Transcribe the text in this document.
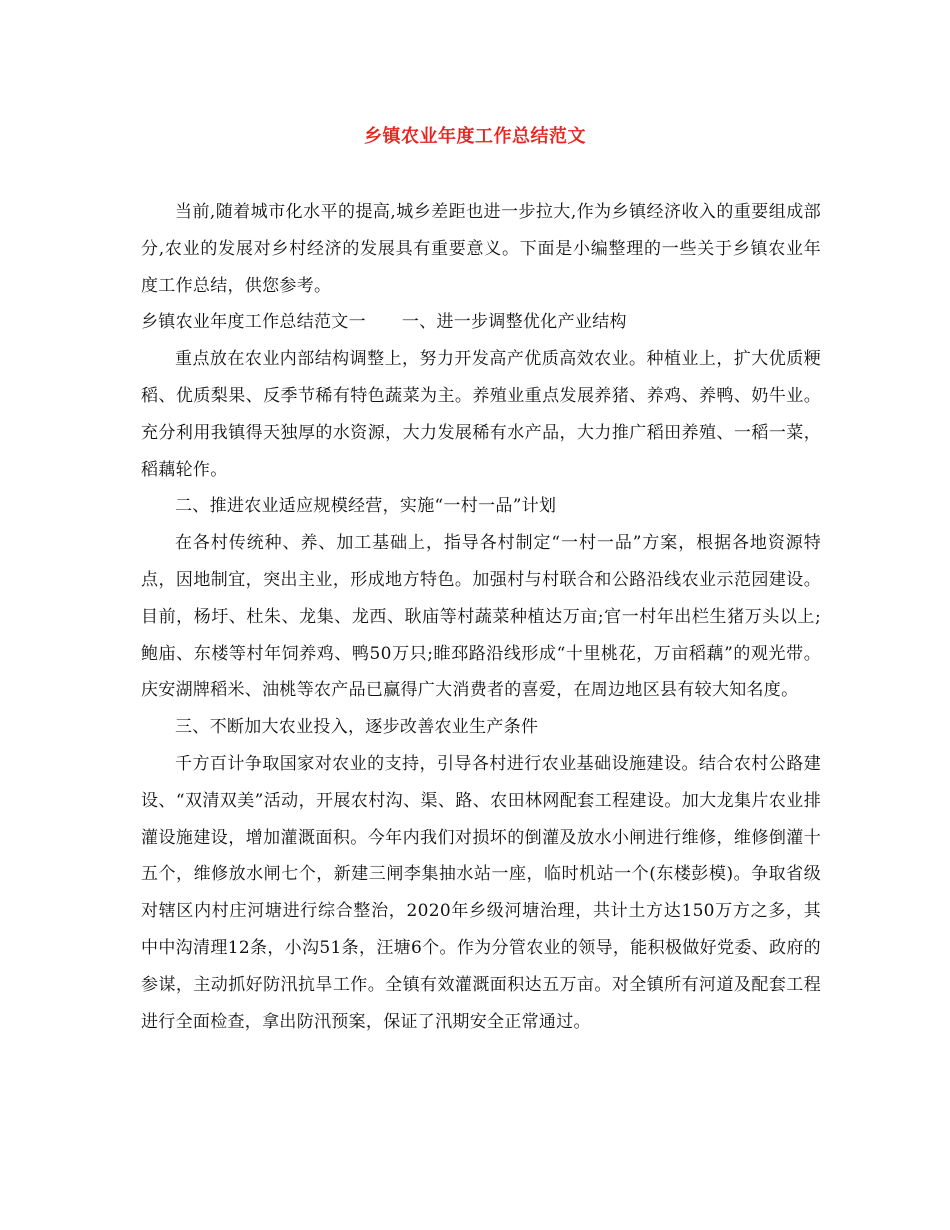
乡镇农业年度工作总结范文

当前,随着城市化水平的提高,城乡差距也进一步拉大,作为乡镇经济收入的重要组成部分,农业的发展对乡村经济的发展具有重要意义。下面是小编整理的一些关于乡镇农业年度工作总结，供您参考。

乡镇农业年度工作总结范文一 一、进一步调整优化产业结构

重点放在农业内部结构调整上，努力开发高产优质高效农业。种植业上，扩大优质粳稻、优质梨果、反季节稀有特色蔬菜为主。养殖业重点发展养猪、养鸡、养鸭、奶牛业。充分利用我镇得天独厚的水资源，大力发展稀有水产品，大力推广稻田养殖、一稻一菜，稻藕轮作。

二、推进农业适应规模经营，实施“一村一品”计划

在各村传统种、养、加工基础上，指导各村制定“一村一品”方案，根据各地资源特点，因地制宜，突出主业，形成地方特色。加强村与村联合和公路沿线农业示范园建设。目前，杨圩、杜朱、龙集、龙西、耿庙等村蔬菜种植达万亩;官一村年出栏生猪万头以上;鲍庙、东楼等村年饲养鸡、鸭50万只;睢邳路沿线形成“十里桃花，万亩稻藕”的观光带。庆安湖牌稻米、油桃等农产品已赢得广大消费者的喜爱，在周边地区县有较大知名度。

三、不断加大农业投入，逐步改善农业生产条件

千方百计争取国家对农业的支持，引导各村进行农业基础设施建设。结合农村公路建设、“双清双美”活动，开展农村沟、渠、路、农田林网配套工程建设。加大龙集片农业排灌设施建设，增加灌溉面积。今年内我们对损坏的倒灌及放水小闸进行维修，维修倒灌十五个，维修放水闸七个，新建三闸李集抽水站一座，临时机站一个(东楼彭模)。争取省级对辖区内村庄河塘进行综合整治，2020年乡级河塘治理，共计土方达150万方之多，其中中沟清理12条，小沟51条，汪塘6个。作为分管农业的领导，能积极做好党委、政府的参谋，主动抓好防汛抗旱工作。全镇有效灌溉面积达五万亩。对全镇所有河道及配套工程进行全面检查，拿出防汛预案，保证了汛期安全正常通过。
